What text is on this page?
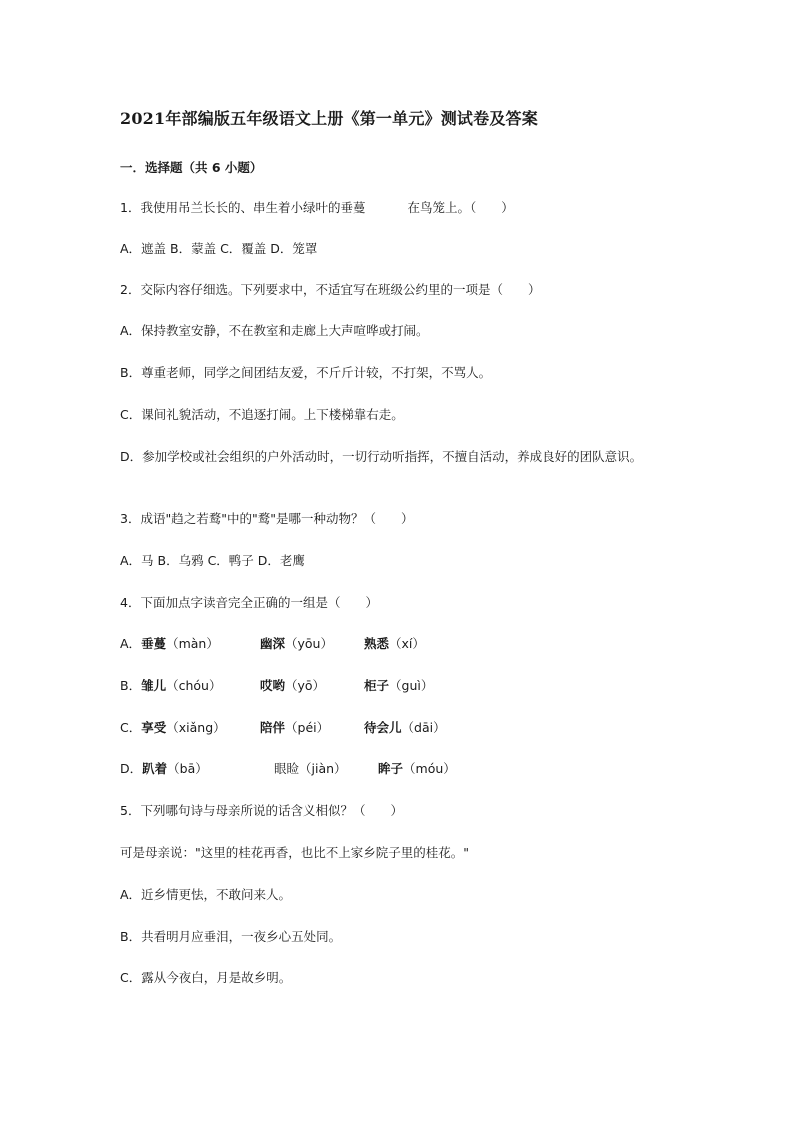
2021年部编版五年级语文上册《第一单元》测试卷及答案
一．选择题（共 6 小题）
1．我使用吊兰长长的、串生着小绿叶的垂蔓	在鸟笼上。（　　）
A．遮盖 B．蒙盖 C．覆盖 D．笼罩
2．交际内容仔细选。下列要求中，不适宜写在班级公约里的一项是（　　）
A．保持教室安静，不在教室和走廊上大声喧哗或打闹。
B．尊重老师，同学之间团结友爱，不斤斤计较，不打架，不骂人。
C．课间礼貌活动，不追逐打闹。上下楼梯靠右走。
D．参加学校或社会组织的户外活动时，一切行动听指挥，不擅自活动，养成良好的团队意识。
3．成语"趋之若鹜"中的"鹜"是哪一种动物？（　　）
A．马 B．乌鸦 C．鸭子 D．老鹰
4．下面加点字读音完全正确的一组是（　　）
A．垂蔓（màn）	幽深（yōu） 熟悉（xí）
B．雏儿（chóu）	哎哟（yō）	柜子（guì）
C．享受（xiǎng）	陪伴（péi）	待会儿（dāi）
D．趴着（bā）	眼睑（jiàn）	眸子（móu）
5．下列哪句诗与母亲所说的话含义相似？（　　）
可是母亲说："这里的桂花再香，也比不上家乡院子里的桂花。"
A．近乡情更怯，不敢问来人。
B．共看明月应垂泪，一夜乡心五处同。
C．露从今夜白，月是故乡明。
